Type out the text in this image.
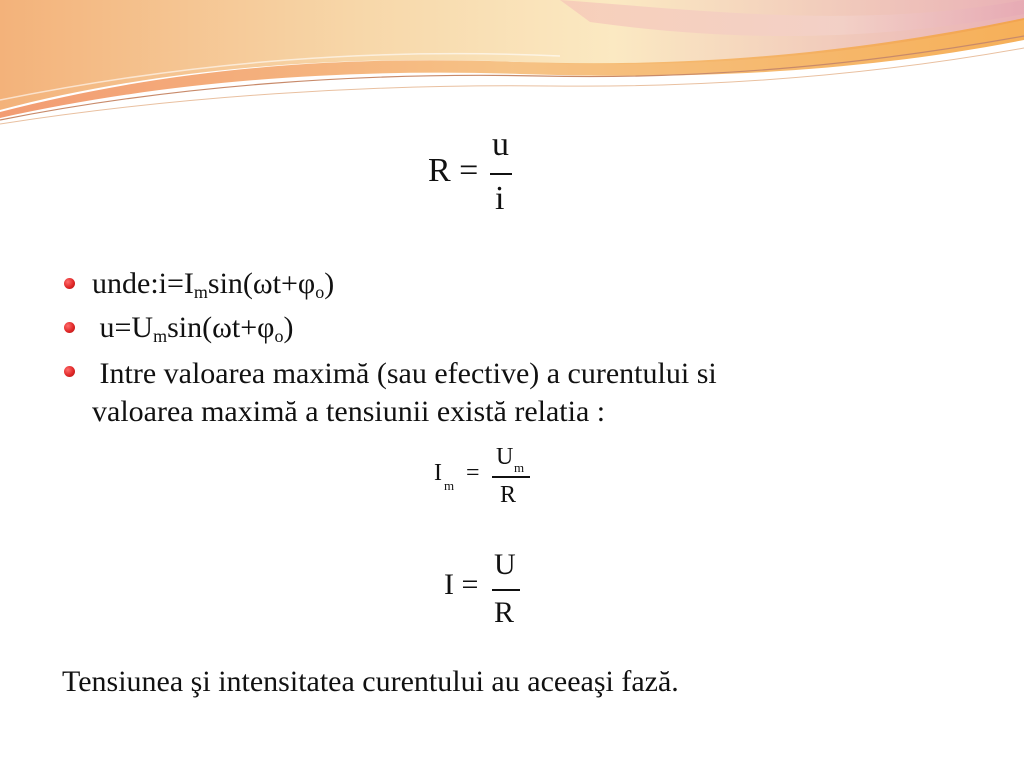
R =
u
i
$unde:i=I_m\sin(\omega t+\varphi_o)$
$u=U_m\sin(\omega t+\varphi_o)$
Intre valoarea maximă (sau efective) a curentului si
valoarea maximă a tensiunii există relatia :
I m =
U m
R
I =
U
R
Tensiunea şi intensitatea curentului au aceeaşi fază.
